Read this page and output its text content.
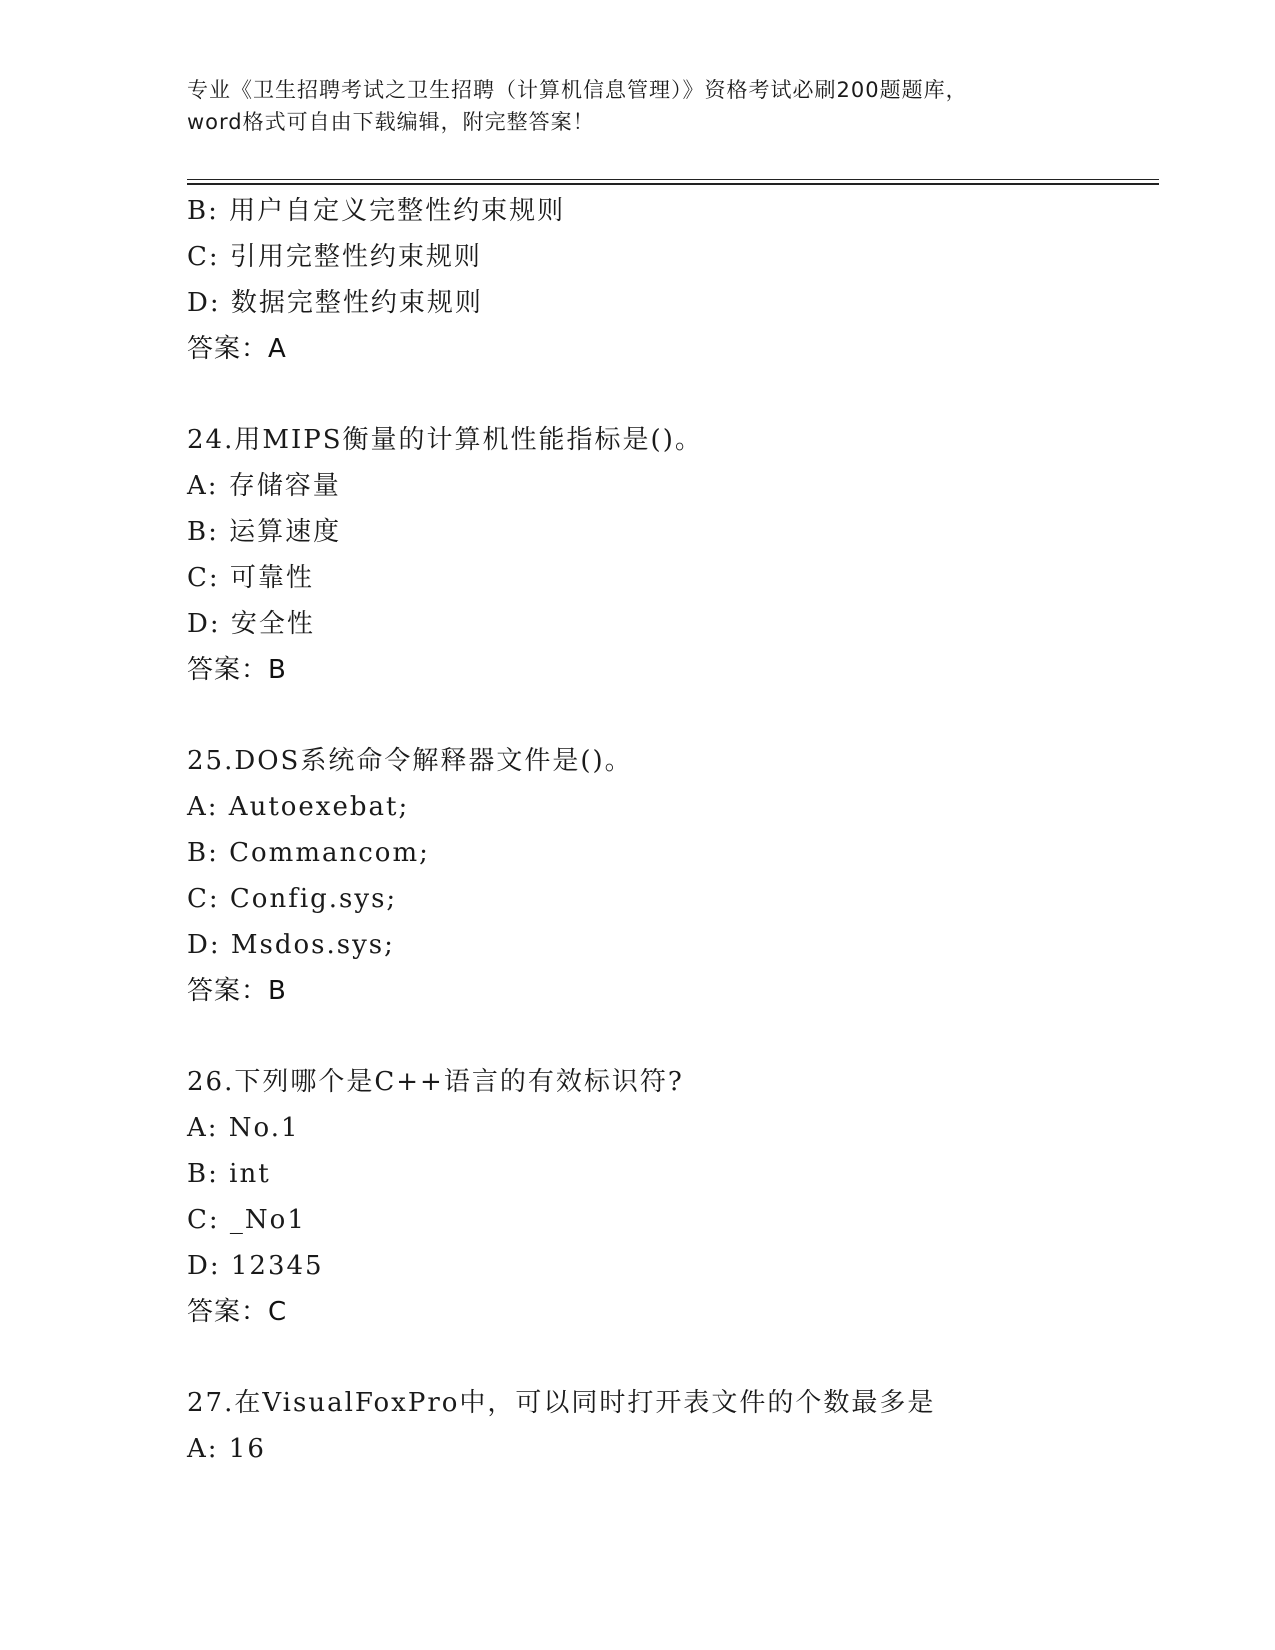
专业《卫生招聘考试之卫生招聘（计算机信息管理）》资格考试必刷200题题库，
word格式可自由下载编辑，附完整答案！
B: 用户自定义完整性约束规则
C: 引用完整性约束规则
D: 数据完整性约束规则
答案：A
24.用MIPS衡量的计算机性能指标是()。
A: 存储容量
B: 运算速度
C: 可靠性
D: 安全性
答案：B
25.DOS系统命令解释器文件是()。
A: Autoexebat;
B: Commancom;
C: Config.sys;
D: Msdos.sys;
答案：B
26.下列哪个是C++语言的有效标识符?
A: No.1
B: int
C: _No1
D: 12345
答案：C
27.在VisualFoxPro中，可以同时打开表文件的个数最多是
A: 16
